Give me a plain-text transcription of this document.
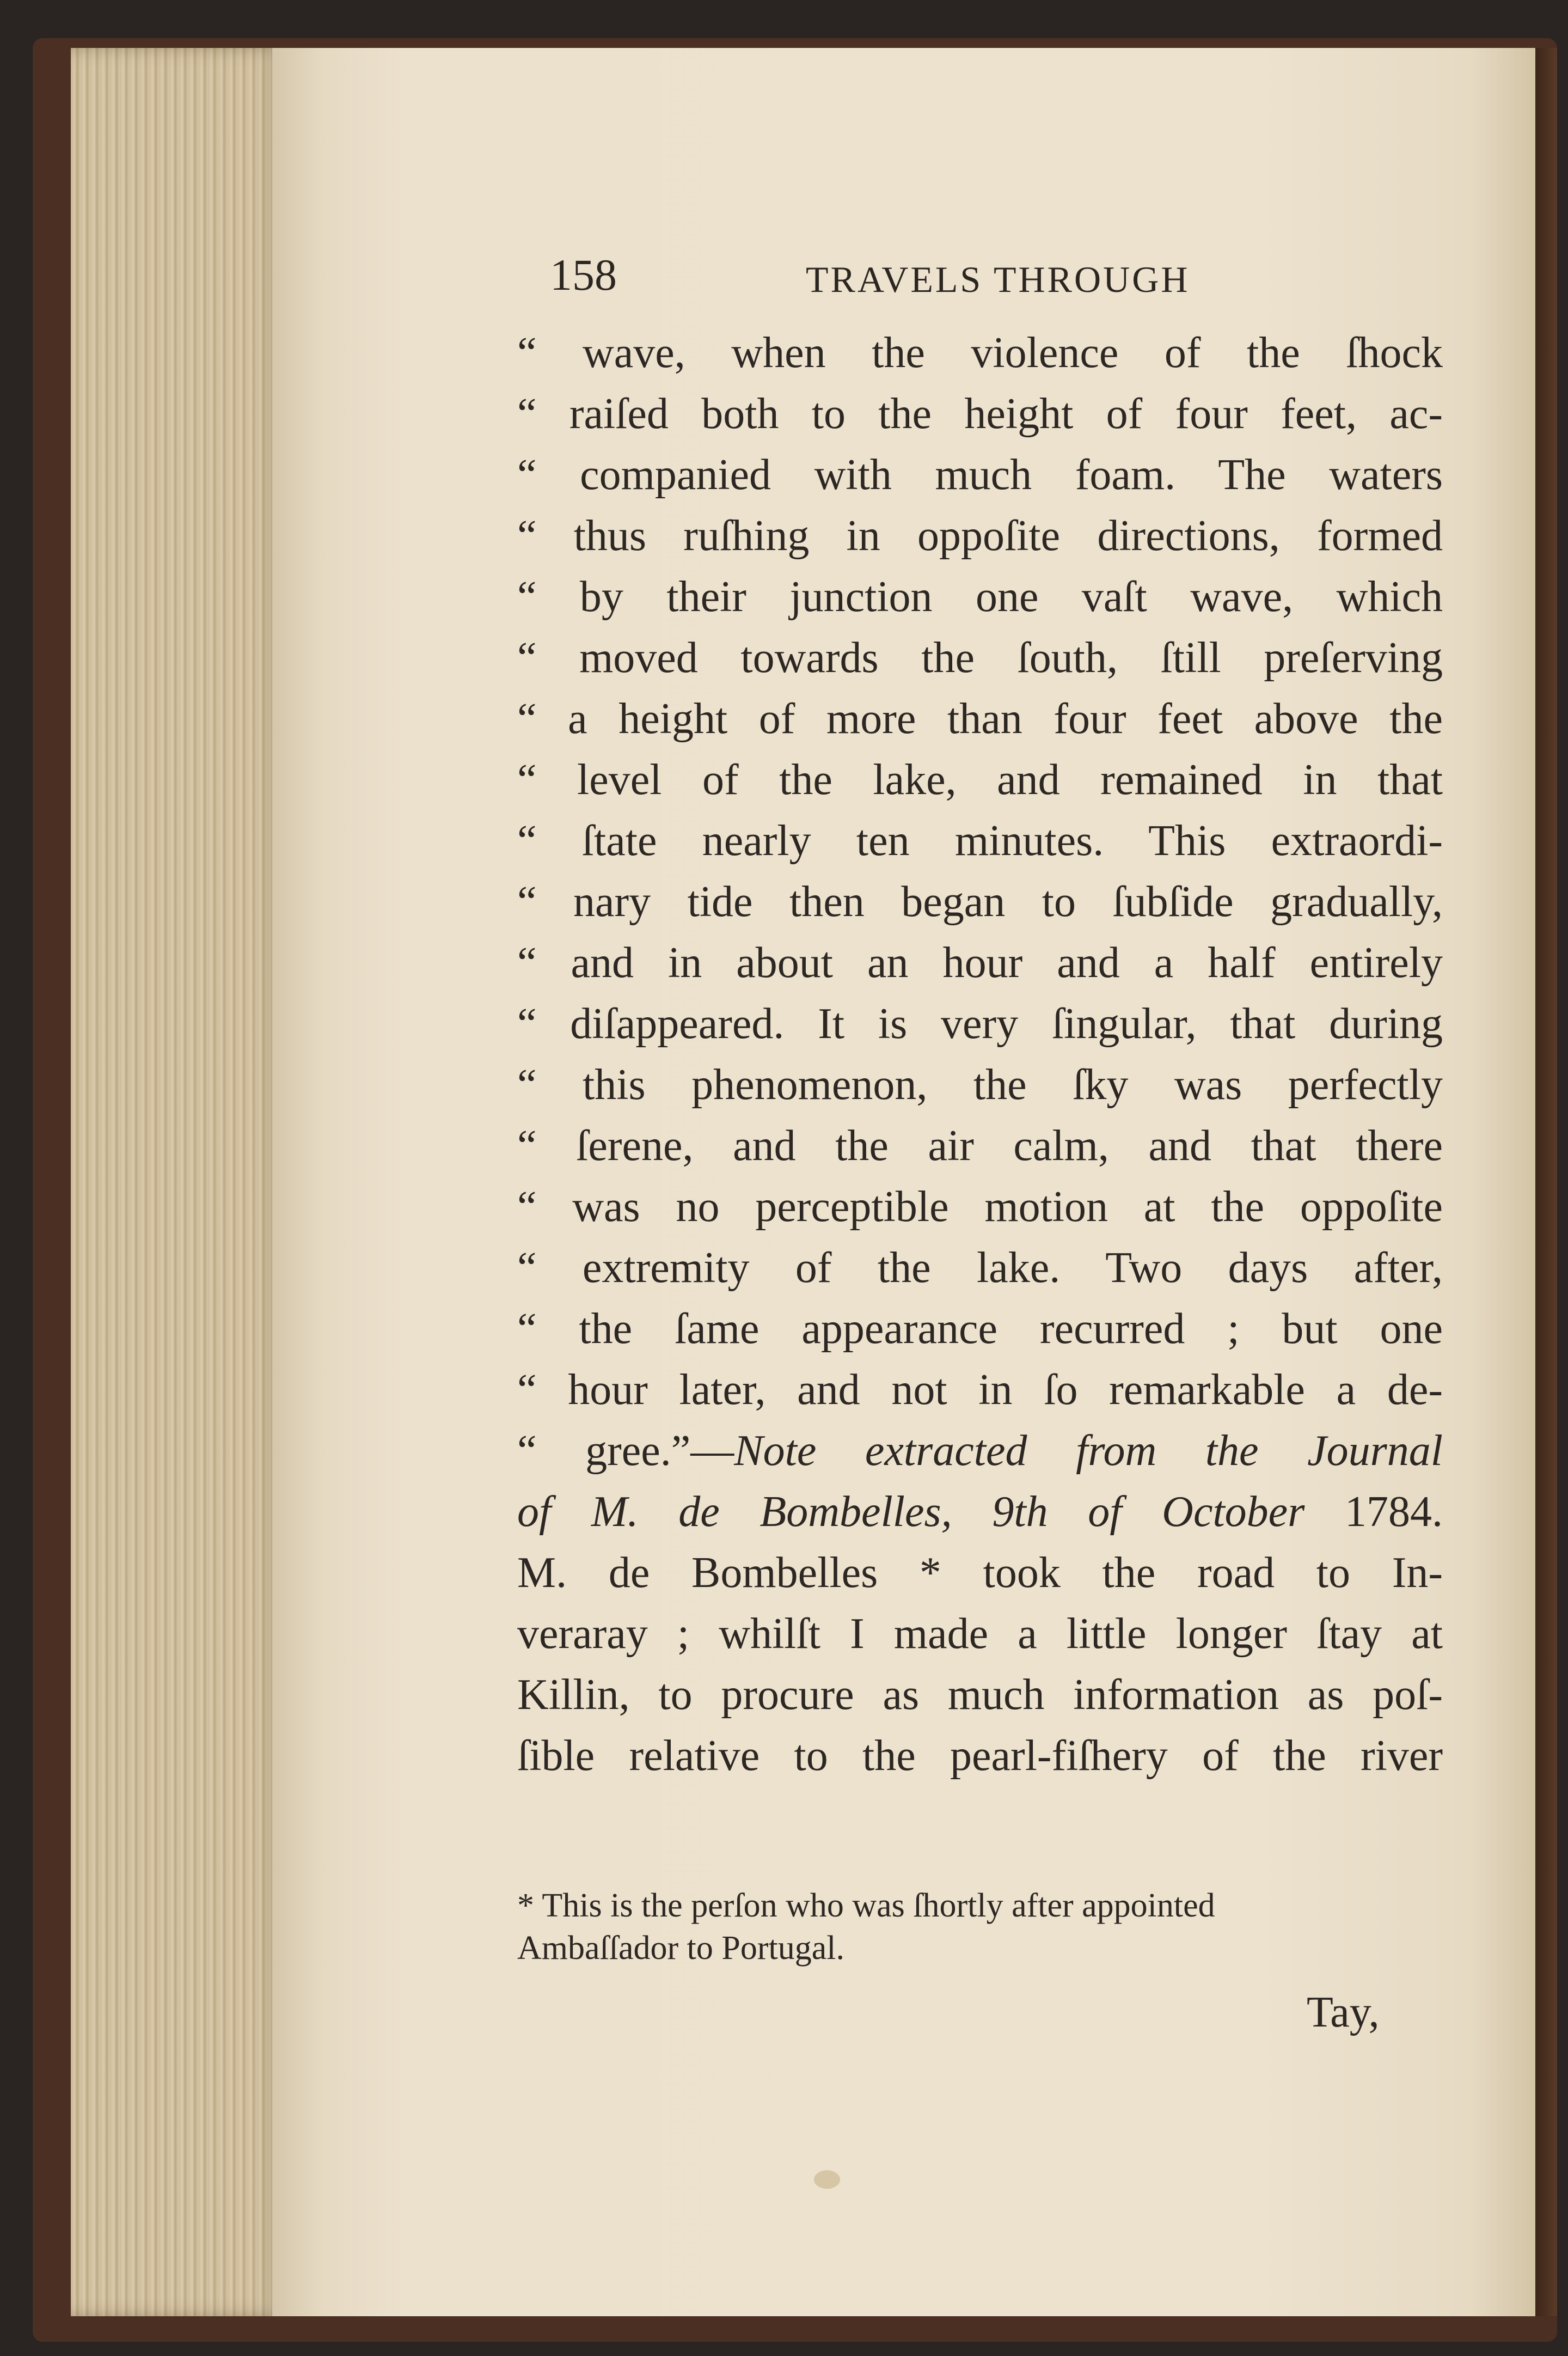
158	TRAVELS THROUGH
“ wave, when the violence of the ſhock
“ raiſed both to the height of four feet, ac-
“ companied with much foam. The waters
“ thus ruſhing in oppoſite directions, formed
“ by their junction one vaſt wave, which
“ moved towards the ſouth, ſtill preſerving
“ a height of more than four feet above the
“ level of the lake, and remained in that
“ ſtate nearly ten minutes. This extraordi-
“ nary tide then began to ſubſide gradually,
“ and in about an hour and a half entirely
“ diſappeared. It is very ſingular, that during
“ this phenomenon, the ſky was perfectly
“ ſerene, and the air calm, and that there
“ was no perceptible motion at the oppoſite
“ extremity of the lake. Two days after,
“ the ſame appearance recurred ; but one
“ hour later, and not in ſo remarkable a de-
“ gree.”—Note extracted from the Journal
of M. de Bombelles, 9th of October 1784.
M. de Bombelles * took the road to In-
veraray ; whilſt I made a little longer ſtay at
Killin, to procure as much information as poſ-
ſible relative to the pearl-fiſhery of the river
* This is the perſon who was ſhortly after appointed
Ambaſſador to Portugal.
Tay,
